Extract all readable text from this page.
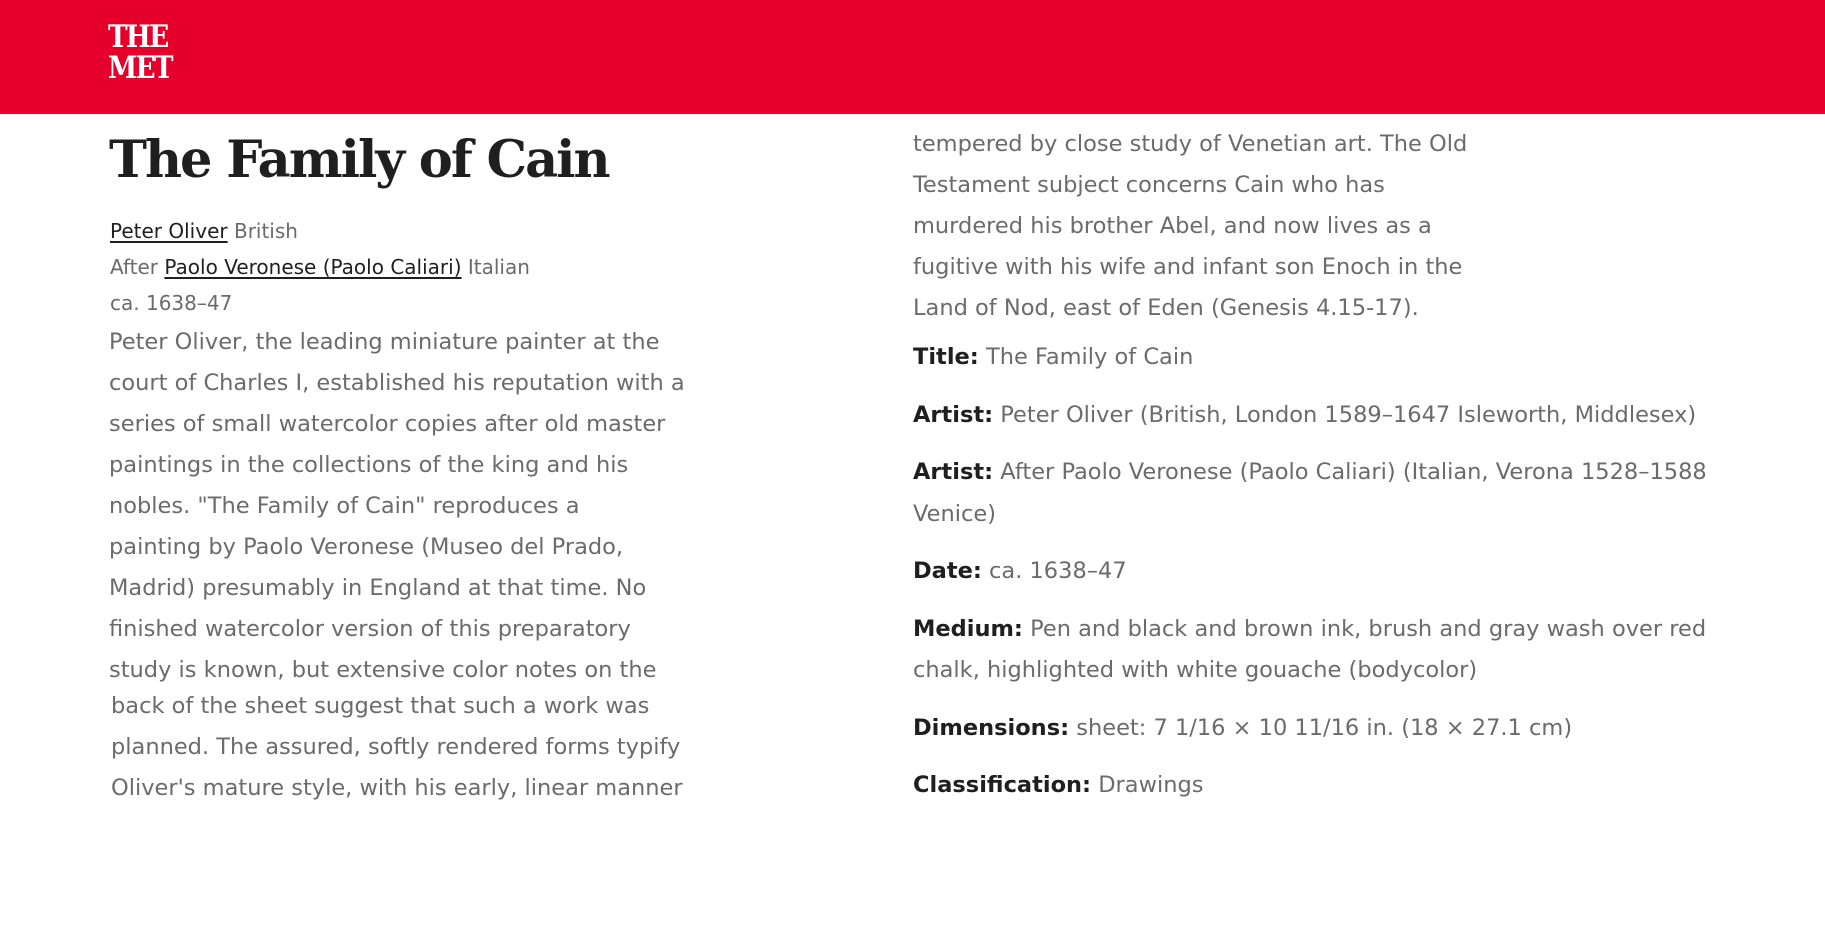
THE
MET
The Family of Cain
Peter Oliver British
After Paolo Veronese (Paolo Caliari) Italian
ca. 1638–47

Peter Oliver, the leading miniature painter at the

court of Charles I, established his reputation with a

series of small watercolor copies after old master

paintings in the collections of the king and his

nobles. "The Family of Cain" reproduces a

painting by Paolo Veronese (Museo del Prado,

Madrid) presumably in England at that time. No

finished watercolor version of this preparatory

study is known, but extensive color notes on the

back of the sheet suggest that such a work was

planned. The assured, softly rendered forms typify

Oliver's mature style, with his early, linear manner

tempered by close study of Venetian art. The Old

Testament subject concerns Cain who has

murdered his brother Abel, and now lives as a

fugitive with his wife and infant son Enoch in the

Land of Nod, east of Eden (Genesis 4.15-17).

Title: The Family of Cain

Artist: Peter Oliver (British, London 1589–1647 Isleworth, Middlesex)

Artist: After Paolo Veronese (Paolo Caliari) (Italian, Verona 1528–1588 Venice)

Date: ca. 1638–47

Medium: Pen and black and brown ink, brush and gray wash over red chalk, highlighted with white gouache (bodycolor)

Dimensions: sheet: 7 1/16 × 10 11/16 in. (18 × 27.1 cm)

Classification: Drawings
